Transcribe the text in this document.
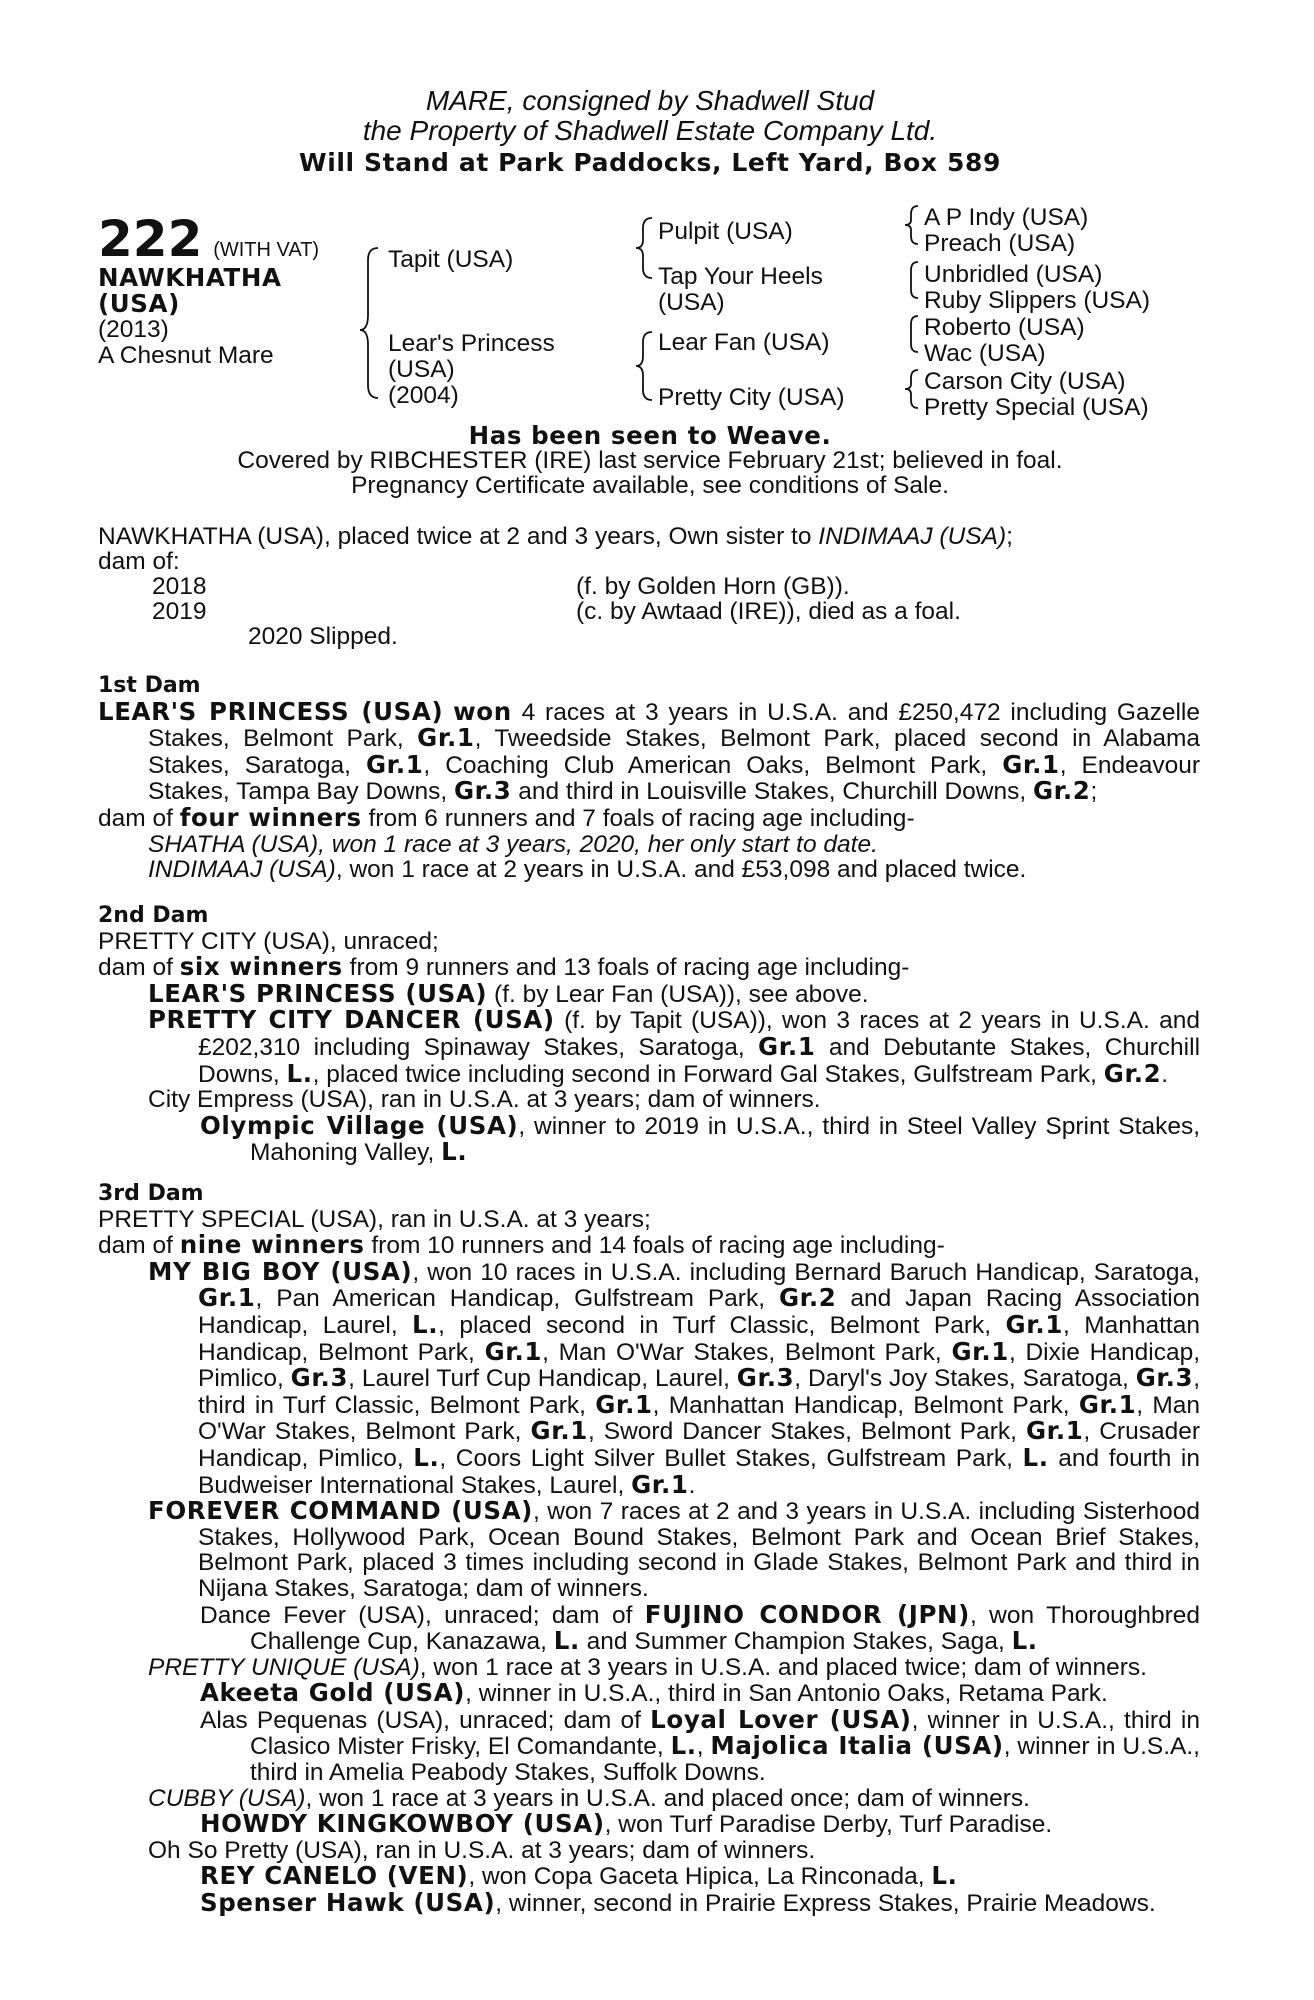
MARE, consigned by Shadwell Stud
the Property of Shadwell Estate Company Ltd.
Will Stand at Park Paddocks, Left Yard, Box 589
222 (WITH VAT)
NAWKHATHA
(USA)
(2013)
A Chesnut Mare
Tapit (USA)
Lear's Princess
(USA)
(2004)
Pulpit (USA)
Tap Your Heels
(USA)
Lear Fan (USA)
Pretty City (USA)
A P Indy (USA)
Preach (USA)
Unbridled (USA)
Ruby Slippers (USA)
Roberto (USA)
Wac (USA)
Carson City (USA)
Pretty Special (USA)
Has been seen to Weave.
Covered by RIBCHESTER (IRE) last service February 21st; believed in foal.
Pregnancy Certificate available, see conditions of Sale.
NAWKHATHA (USA), placed twice at 2 and 3 years, Own sister to INDIMAAJ (USA);
dam of:
2018	(f. by Golden Horn (GB)).
2019	(c. by Awtaad (IRE)), died as a foal.
2020 Slipped.

1st Dam

LEAR'S PRINCESS (USA) won 4 races at 3 years in U.S.A. and £250,472 including Gazelle Stakes, Belmont Park, Gr.1, Tweedside Stakes, Belmont Park, placed second in Alabama Stakes, Saratoga, Gr.1, Coaching Club American Oaks, Belmont Park, Gr.1, Endeavour Stakes, Tampa Bay Downs, Gr.3 and third in Louisville Stakes, Churchill Downs, Gr.2;

dam of four winners from 6 runners and 7 foals of racing age including-

SHATHA (USA), won 1 race at 3 years, 2020, her only start to date.

INDIMAAJ (USA), won 1 race at 2 years in U.S.A. and £53,098 and placed twice.

2nd Dam

PRETTY CITY (USA), unraced;

dam of six winners from 9 runners and 13 foals of racing age including-

LEAR'S PRINCESS (USA) (f. by Lear Fan (USA)), see above.

PRETTY CITY DANCER (USA) (f. by Tapit (USA)), won 3 races at 2 years in U.S.A. and £202,310 including Spinaway Stakes, Saratoga, Gr.1 and Debutante Stakes, Churchill Downs, L., placed twice including second in Forward Gal Stakes, Gulfstream Park, Gr.2.

City Empress (USA), ran in U.S.A. at 3 years; dam of winners.

Olympic Village (USA), winner to 2019 in U.S.A., third in Steel Valley Sprint Stakes, Mahoning Valley, L.

3rd Dam

PRETTY SPECIAL (USA), ran in U.S.A. at 3 years;

dam of nine winners from 10 runners and 14 foals of racing age including-

MY BIG BOY (USA), won 10 races in U.S.A. including Bernard Baruch Handicap, Saratoga, Gr.1, Pan American Handicap, Gulfstream Park, Gr.2 and Japan Racing Association Handicap, Laurel, L., placed second in Turf Classic, Belmont Park, Gr.1, Manhattan Handicap, Belmont Park, Gr.1, Man O'War Stakes, Belmont Park, Gr.1, Dixie Handicap, Pimlico, Gr.3, Laurel Turf Cup Handicap, Laurel, Gr.3, Daryl's Joy Stakes, Saratoga, Gr.3, third in Turf Classic, Belmont Park, Gr.1, Manhattan Handicap, Belmont Park, Gr.1, Man O'War Stakes, Belmont Park, Gr.1, Sword Dancer Stakes, Belmont Park, Gr.1, Crusader Handicap, Pimlico, L., Coors Light Silver Bullet Stakes, Gulfstream Park, L. and fourth in Budweiser International Stakes, Laurel, Gr.1.

FOREVER COMMAND (USA), won 7 races at 2 and 3 years in U.S.A. including Sisterhood Stakes, Hollywood Park, Ocean Bound Stakes, Belmont Park and Ocean Brief Stakes, Belmont Park, placed 3 times including second in Glade Stakes, Belmont Park and third in Nijana Stakes, Saratoga; dam of winners.

Dance Fever (USA), unraced; dam of FUJINO CONDOR (JPN), won Thoroughbred Challenge Cup, Kanazawa, L. and Summer Champion Stakes, Saga, L.

PRETTY UNIQUE (USA), won 1 race at 3 years in U.S.A. and placed twice; dam of winners.

Akeeta Gold (USA), winner in U.S.A., third in San Antonio Oaks, Retama Park.

Alas Pequenas (USA), unraced; dam of Loyal Lover (USA), winner in U.S.A., third in Clasico Mister Frisky, El Comandante, L., Majolica Italia (USA), winner in U.S.A., third in Amelia Peabody Stakes, Suffolk Downs.

CUBBY (USA), won 1 race at 3 years in U.S.A. and placed once; dam of winners.

HOWDY KINGKOWBOY (USA), won Turf Paradise Derby, Turf Paradise.

Oh So Pretty (USA), ran in U.S.A. at 3 years; dam of winners.

REY CANELO (VEN), won Copa Gaceta Hipica, La Rinconada, L.

Spenser Hawk (USA), winner, second in Prairie Express Stakes, Prairie Meadows.
